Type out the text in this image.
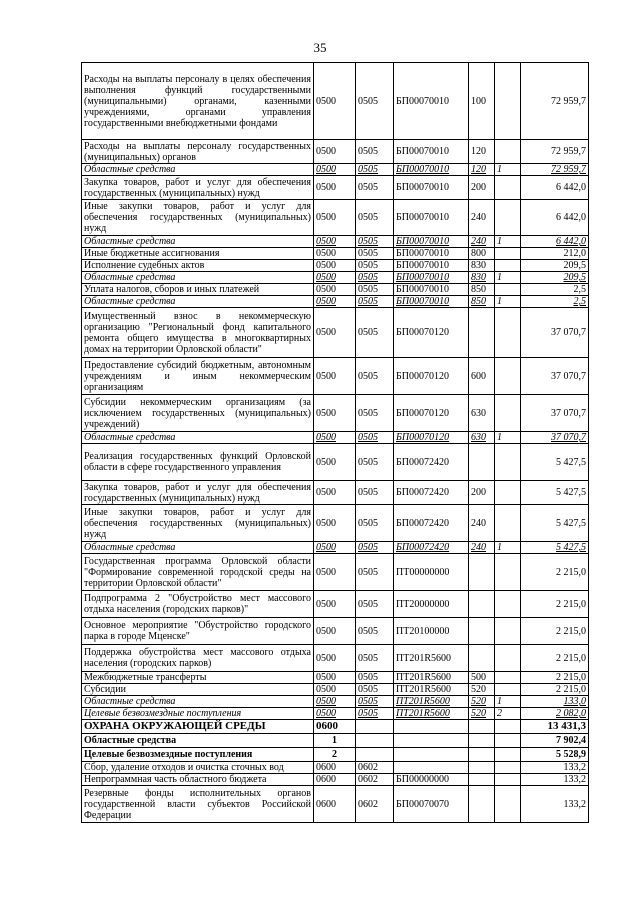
35
Расходы на выплаты персоналу в целях обеспечения выполнения функций государственными (муниципальными) органами, казенными учреждениями, органами управления государственными внебюджетными фондами	0500	0505	БП00070010	100		72 959,7
Расходы на выплаты персоналу государственных (муниципальных) органов	0500	0505	БП00070010	120		72 959,7
Областные средства	0500	0505	БП00070010	120	1	72 959,7
Закупка товаров, работ и услуг для обеспечения государственных (муниципальных) нужд	0500	0505	БП00070010	200		6 442,0
Иные закупки товаров, работ и услуг для обеспечения государственных (муниципальных) нужд	0500	0505	БП00070010	240		6 442,0
Областные средства	0500	0505	БП00070010	240	1	6 442,0
Иные бюджетные ассигнования	0500	0505	БП00070010	800		212,0
Исполнение судебных актов	0500	0505	БП00070010	830		209,5
Областные средства	0500	0505	БП00070010	830	1	209,5
Уплата налогов, сборов и иных платежей	0500	0505	БП00070010	850		2,5
Областные средства	0500	0505	БП00070010	850	1	2,5
Имущественный взнос в некоммерческую организацию "Региональный фонд капитального ремонта общего имущества в многоквартирных домах на территории Орловской области"	0500	0505	БП00070120			37 070,7
Предоставление субсидий бюджетным, автономным учреждениям и иным некоммерческим организациям	0500	0505	БП00070120	600		37 070,7
Субсидии некоммерческим организациям (за исключением государственных (муниципальных) учреждений)	0500	0505	БП00070120	630		37 070,7
Областные средства	0500	0505	БП00070120	630	1	37 070,7
Реализация государственных функций Орловской области в сфере государственного управления	0500	0505	БП00072420			5 427,5
Закупка товаров, работ и услуг для обеспечения государственных (муниципальных) нужд	0500	0505	БП00072420	200		5 427,5
Иные закупки товаров, работ и услуг для обеспечения государственных (муниципальных) нужд	0500	0505	БП00072420	240		5 427,5
Областные средства	0500	0505	БП00072420	240	1	5 427,5
Государственная программа Орловской области "Формирование современной городской среды на территории Орловской области"	0500	0505	ПТ00000000			2 215,0
Подпрограмма 2 "Обустройство мест массового отдыха населения (городских парков)"	0500	0505	ПТ20000000			2 215,0
Основное мероприятие "Обустройство городского парка в городе Мценске"	0500	0505	ПТ20100000			2 215,0
Поддержка обустройства мест массового отдыха населения (городских парков)	0500	0505	ПТ201R5600			2 215,0
Межбюджетные трансферты	0500	0505	ПТ201R5600	500		2 215,0
Субсидии	0500	0505	ПТ201R5600	520		2 215,0
Областные средства	0500	0505	ПТ201R5600	520	1	133,0
Целевые безвозмездные поступления	0500	0505	ПТ201R5600	520	2	2 082,0
ОХРАНА ОКРУЖАЮЩЕЙ СРЕДЫ	0600					13 431,3
Областные средства	1					7 902,4
Целевые безвозмездные поступления	2					5 528,9
Сбор, удаление отходов и очистка сточных вод	0600	0602				133,2
Непрограммная часть областного бюджета	0600	0602	БП00000000			133,2
Резервные фонды исполнительных органов государственной власти субъектов Российской Федерации	0600	0602	БП00070070			133,2
